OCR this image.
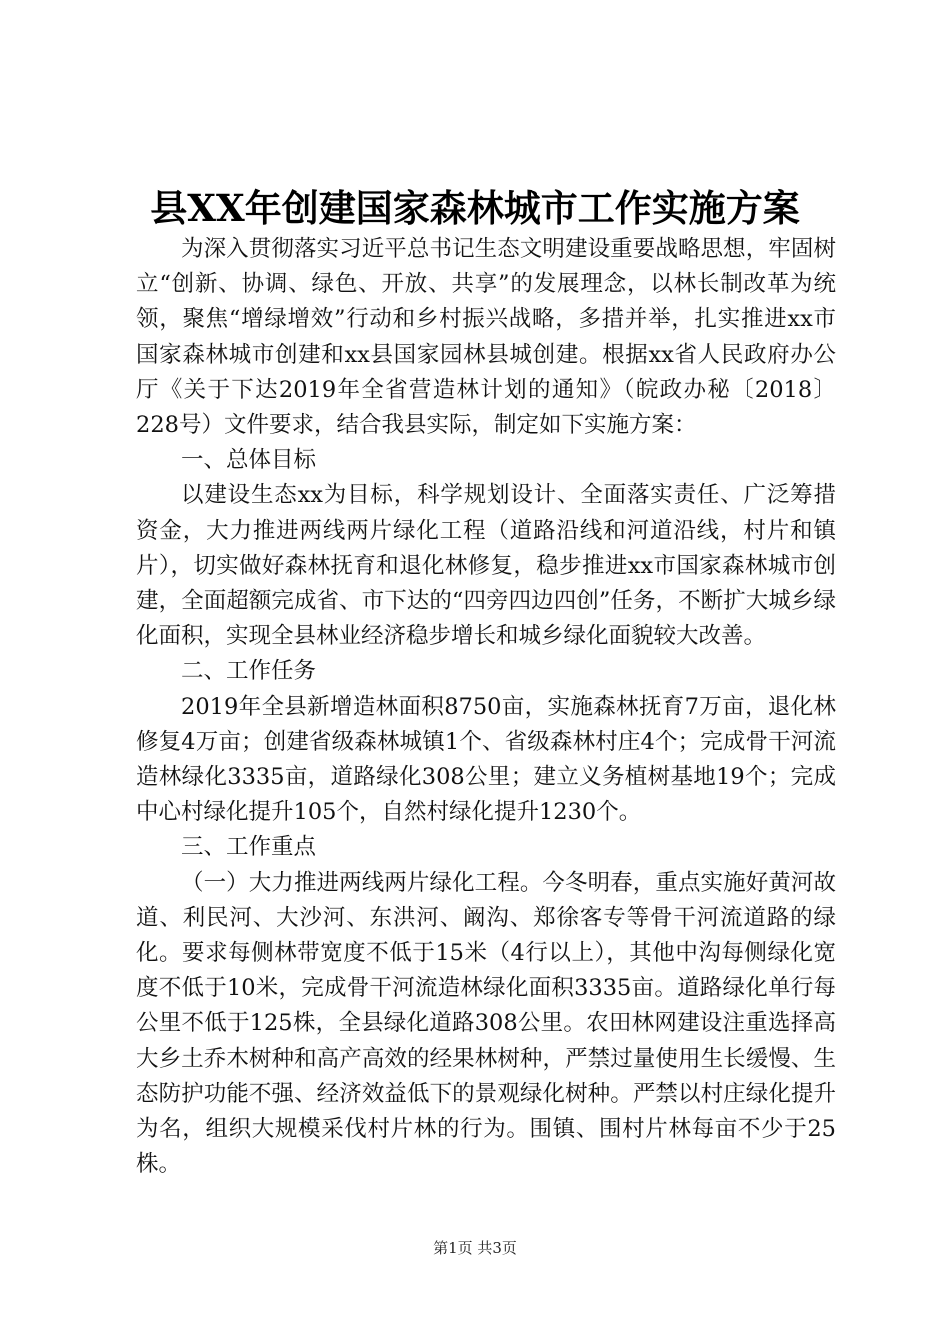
县XX年创建国家森林城市工作实施方案

为深入贯彻落实习近平总书记生态文明建设重要战略思想，牢固树立“创新、协调、绿色、开放、共享”的发展理念，以林长制改革为统领，聚焦“增绿增效”行动和乡村振兴战略，多措并举，扎实推进xx市国家森林城市创建和xx县国家园林县城创建。根据xx省人民政府办公厅《关于下达2019年全省营造林计划的通知》（皖政办秘〔2018〕228号）文件要求，结合我县实际，制定如下实施方案：

一、总体目标

以建设生态xx为目标，科学规划设计、全面落实责任、广泛筹措资金，大力推进两线两片绿化工程（道路沿线和河道沿线，村片和镇片），切实做好森林抚育和退化林修复，稳步推进xx市国家森林城市创建，全面超额完成省、市下达的“四旁四边四创”任务，不断扩大城乡绿化面积，实现全县林业经济稳步增长和城乡绿化面貌较大改善。

二、工作任务

2019年全县新增造林面积8750亩，实施森林抚育7万亩，退化林修复4万亩；创建省级森林城镇1个、省级森林村庄4个；完成骨干河流造林绿化3335亩，道路绿化308公里；建立义务植树基地19个；完成中心村绿化提升105个，自然村绿化提升1230个。

三、工作重点

（一）大力推进两线两片绿化工程。今冬明春，重点实施好黄河故道、利民河、大沙河、东洪河、阚沟、郑徐客专等骨干河流道路的绿化。要求每侧林带宽度不低于15米（4行以上），其他中沟每侧绿化宽度不低于10米，完成骨干河流造林绿化面积3335亩。道路绿化单行每公里不低于125株，全县绿化道路308公里。农田林网建设注重选择高大乡土乔木树种和高产高效的经果林树种，严禁过量使用生长缓慢、生态防护功能不强、经济效益低下的景观绿化树种。严禁以村庄绿化提升为名，组织大规模采伐村片林的行为。围镇、围村片林每亩不少于25株。

第1页 共3页
